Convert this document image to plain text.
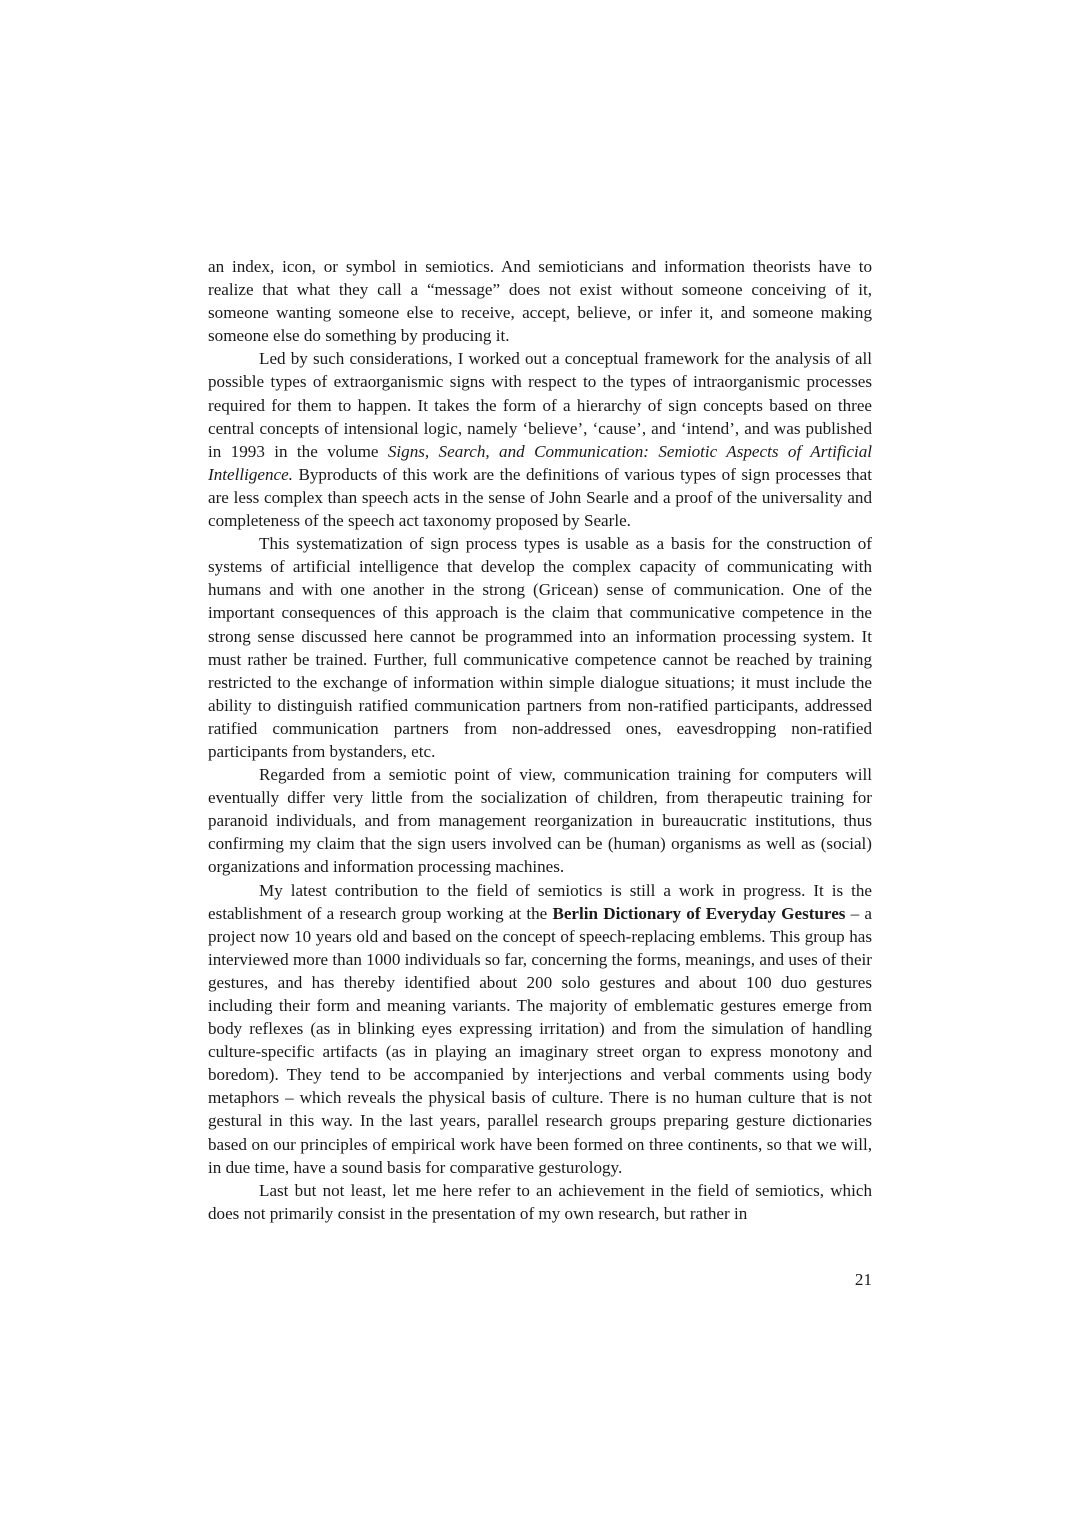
an index, icon, or symbol in semiotics. And semioticians and information theorists have to realize that what they call a “message” does not exist without someone conceiving of it, someone wanting someone else to receive, accept, believe, or infer it, and someone making someone else do something by producing it.

Led by such considerations, I worked out a conceptual framework for the analysis of all possible types of extraorganismic signs with respect to the types of intraorganismic processes required for them to happen. It takes the form of a hierarchy of sign concepts based on three central concepts of intensional logic, namely ‘believe’, ‘cause’, and ‘intend’, and was published in 1993 in the volume Signs, Search, and Communication: Semiotic Aspects of Artificial Intelligence. Byproducts of this work are the definitions of various types of sign processes that are less complex than speech acts in the sense of John Searle and a proof of the universality and completeness of the speech act taxonomy proposed by Searle.

This systematization of sign process types is usable as a basis for the construction of systems of artificial intelligence that develop the complex capacity of communicating with humans and with one another in the strong (Gricean) sense of communication. One of the important consequences of this approach is the claim that communicative competence in the strong sense discussed here cannot be programmed into an information processing system. It must rather be trained. Further, full communicative competence cannot be reached by training restricted to the exchange of information within simple dialogue situations; it must include the ability to distinguish ratified communication partners from non-ratified participants, addressed ratified communication partners from non-addressed ones, eavesdropping non-ratified participants from bystanders, etc.

Regarded from a semiotic point of view, communication training for computers will eventually differ very little from the socialization of children, from therapeutic training for paranoid individuals, and from management reorganization in bureaucratic institutions, thus confirming my claim that the sign users involved can be (human) organisms as well as (social) organizations and information processing machines.

My latest contribution to the field of semiotics is still a work in progress. It is the establishment of a research group working at the Berlin Dictionary of Everyday Gestures – a project now 10 years old and based on the concept of speech-replacing emblems. This group has interviewed more than 1000 individuals so far, concerning the forms, meanings, and uses of their gestures, and has thereby identified about 200 solo gestures and about 100 duo gestures including their form and meaning variants. The majority of emblematic gestures emerge from body reflexes (as in blinking eyes expressing irritation) and from the simulation of handling culture-specific artifacts (as in playing an imaginary street organ to express monotony and boredom). They tend to be accompanied by interjections and verbal comments using body metaphors – which reveals the physical basis of culture. There is no human culture that is not gestural in this way. In the last years, parallel research groups preparing gesture dictionaries based on our principles of empirical work have been formed on three continents, so that we will, in due time, have a sound basis for comparative gesturology.

Last but not least, let me here refer to an achievement in the field of semiotics, which does not primarily consist in the presentation of my own research, but rather in

21
